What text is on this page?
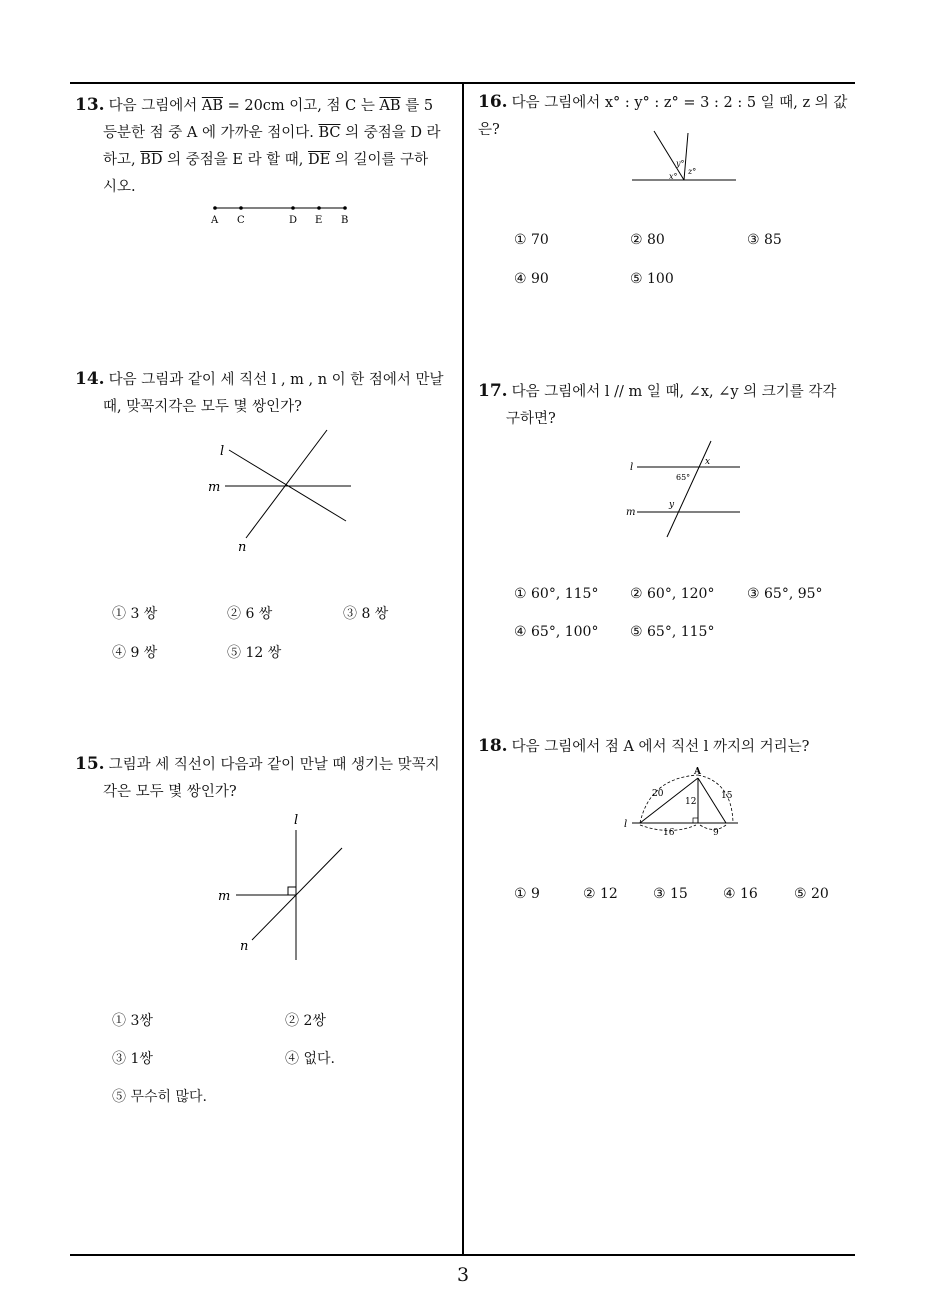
13. 다음 그림에서 $\overline{AB} = 20cm$ 이고, 점 C 는 $\overline{AB}$ 를 5
등분한 점 중 A 에 가까운 점이다. $\overline{BC}$ 의 중점을 D 라
하고, $\overline{BD}$ 의 중점을 E 라 할 때, $\overline{DE}$ 의 길이를 구하
시오.
A C	D E B
14. 다음 그림과 같이 세 직선 l , m , n 이 한 점에서 만날
때, 맞꼭지각은 모두 몇 쌍인가?
l
m
n
① 3 쌍	② 6 쌍	③ 8 쌍
④ 9 쌍	⑤ 12 쌍
15. 그림과 세 직선이 다음과 같이 만날 때 생기는 맞꼭지
각은 모두 몇 쌍인가?
l
m
n
① 3쌍	② 2쌍
③ 1쌍	④ 없다.
⑤ 무수히 많다.
16. 다음 그림에서 x° : y° : z° = 3 : 2 : 5 일 때, z 의 값은?
x°
y°
z°
① 70	② 80	③ 85
④ 90	⑤ 100
17. 다음 그림에서 l // m 일 때, ∠x, ∠y 의 크기를 각각
구하면?
l
m
x
65°
y
① 60°, 115° ② 60°, 120° ③ 65°, 95°
④ 65°, 100° ⑤ 65°, 115°
18. 다음 그림에서 점 A 에서 직선 l 까지의 거리는?
A
l
20	15
12
16	9
① 9	② 12	③ 15	④ 16	⑤ 20
3
